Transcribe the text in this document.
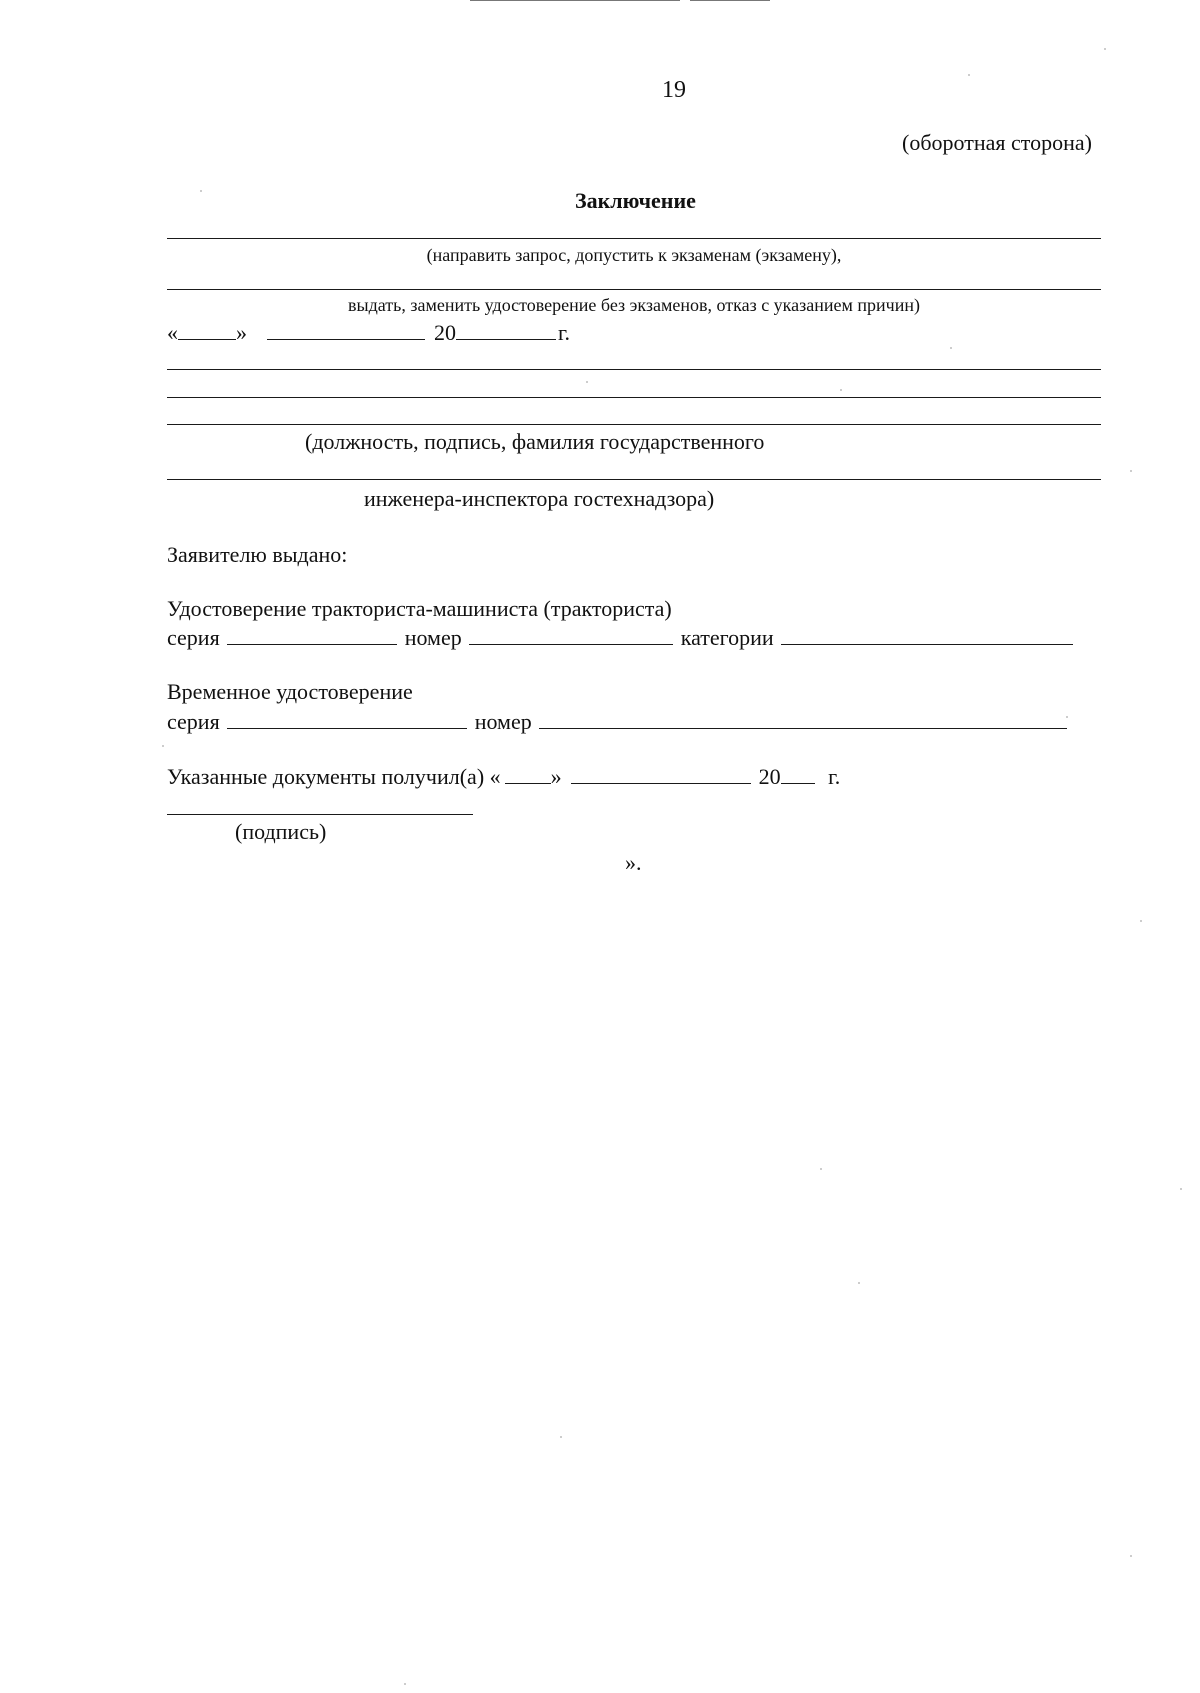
19
(оборотная сторона)
Заключение
(направить запрос, допустить к экзаменам (экзамену),
выдать, заменить удостоверение без экзаменов, отказ с указанием причин)
«	»	20	г.
(должность, подпись, фамилия государственного
инженера-инспектора гостехнадзора)
Заявителю выдано:
Удостоверение тракториста-машиниста (тракториста)
серия	номер	категории
Временное удостоверение
серия	номер
Указанные документы получил(а) « »	20 г.
(подпись)
».
